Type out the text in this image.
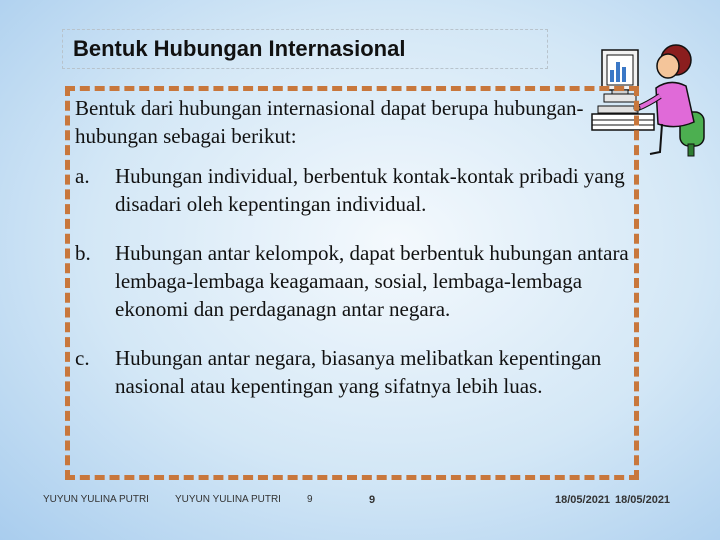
Bentuk Hubungan Internasional

Bentuk dari hubungan internasional dapat berupa hubungan-hubungan sebagai berikut:

a.	Hubungan individual, berbentuk kontak-kontak pribadi yang disadari oleh kepentingan individual.
b.	Hubungan antar kelompok, dapat berbentuk hubungan antara lembaga-lembaga keagamaan, sosial, lembaga-lembaga ekonomi dan perdaganagn antar negara.
c.	Hubungan antar negara, biasanya melibatkan kepentingan nasional atau kepentingan yang sifatnya lebih luas.
YUYUN YULINA PUTRI	YUYUN YULINA PUTRI	9	9	18/05/2021 18/05/2021
